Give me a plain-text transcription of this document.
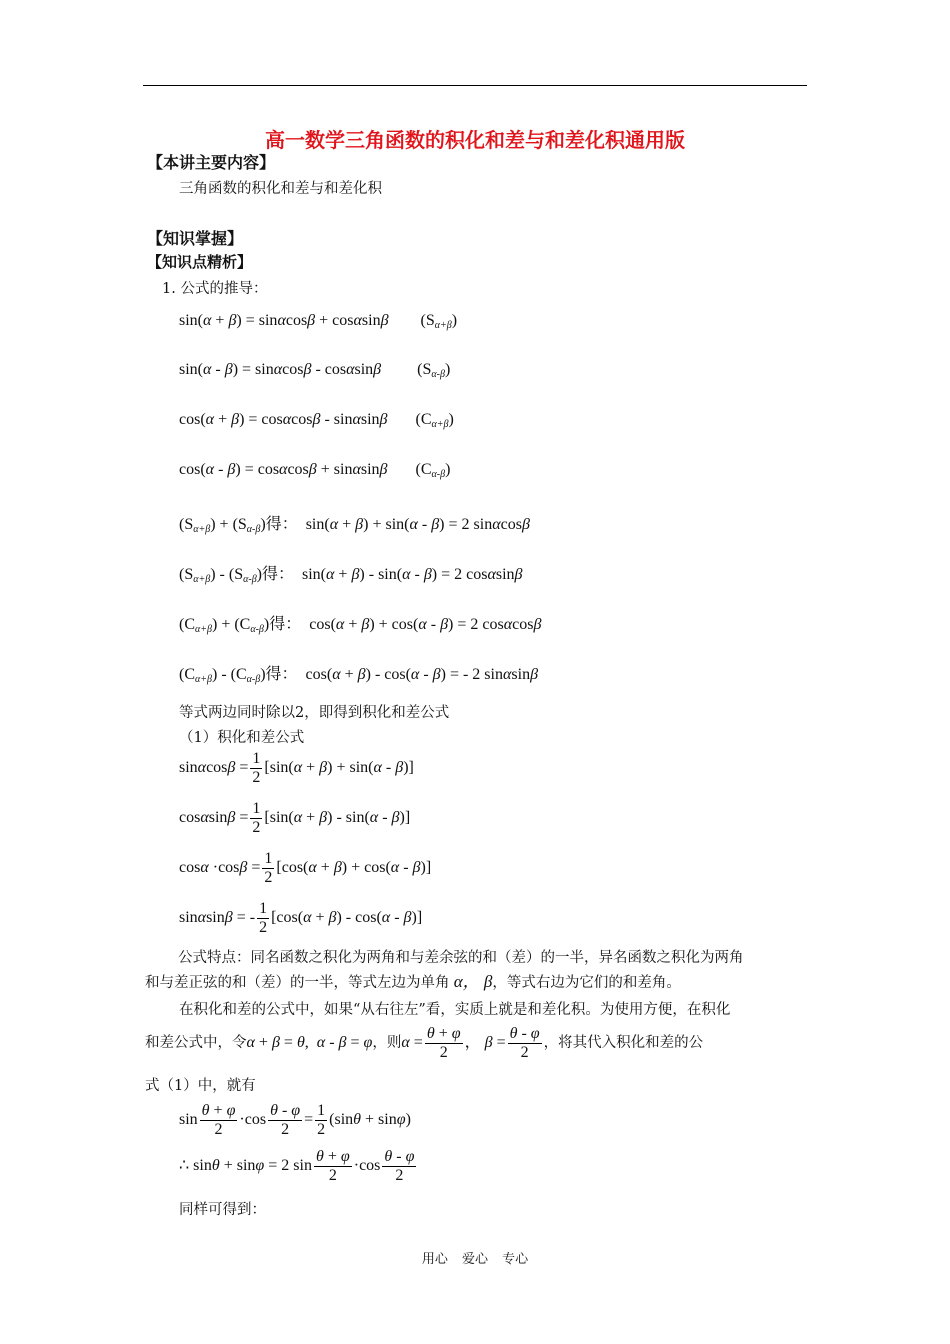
高一数学三角函数的积化和差与和差化积通用版
【本讲主要内容】
三角函数的积化和差与和差化积
【知识掌握】
【知识点精析】
1. 公式的推导：
sin(α + β) = sinαcosβ + cosαsinβ        $(S_{\alpha+\beta})$
sin(α - β) = sinαcosβ - cosαsinβ         $(S_{\alpha-\beta})$
cos(α + β) = cosαcosβ - sinαsinβ       $(C_{\alpha+\beta})$
cos(α - β) = cosαcosβ + sinαsinβ       $(C_{\alpha-\beta})$
$(S_{\alpha+\beta}) + (S_{\alpha-\beta})$得：  sin(α + β) + sin(α - β) = 2 sinαcosβ
$(S_{\alpha+\beta}) - (S_{\alpha-\beta})$得：  sin(α + β) - sin(α - β) = 2 cosαsinβ
$(C_{\alpha+\beta}) + (C_{\alpha-\beta})$得：  cos(α + β) + cos(α - β) = 2 cosαcosβ
$(C_{\alpha+\beta}) - (C_{\alpha-\beta})$得：  cos(α + β) - cos(α - β) = - 2 sinαsinβ
等式两边同时除以2，即得到积化和差公式
（1）积化和差公式
$\sin\alpha\cos\beta = \frac{1}{2} [\sin(\alpha + \beta) + \sin(\alpha - \beta)]$
$\cos\alpha\sin\beta = \frac{1}{2} [\sin(\alpha + \beta) - \sin(\alpha - \beta)]$
$\cos\alpha \cdot\cos\beta = \frac{1}{2} [\cos(\alpha + \beta) + \cos(\alpha - \beta)]$
sinαsinβ = - $\frac{1}{2} [\cos(\alpha + \beta) - \cos(\alpha - \beta)]$
公式特点：同名函数之积化为两角和与差余弦的和（差）的一半，异名函数之积化为两角
和与差正弦的和（差）的一半，等式左边为单角 α， β，等式右边为它们的和差角。
在积化和差的公式中，如果“从右往左”看，实质上就是和差化积。为使用方便，在积化
和差公式中，令α + β = θ,  α - β = φ，则$\alpha = \frac{\theta + \varphi}{2}$ ， $\beta = \frac{\theta - \varphi}{2}$ ，将其代入积化和差的公
式（1）中，就有
$\sin \frac{\theta + \varphi}{2} \cdot\cos \frac{\theta - \varphi}{2} = \frac{1}{2} (\sin\theta + \sin\varphi)$
∴ sinθ + sinφ = 2 $\sin \frac{\theta + \varphi}{2} \cdot\cos \frac{\theta - \varphi}{2}$
同样可得到：
用心 爱心 专心
